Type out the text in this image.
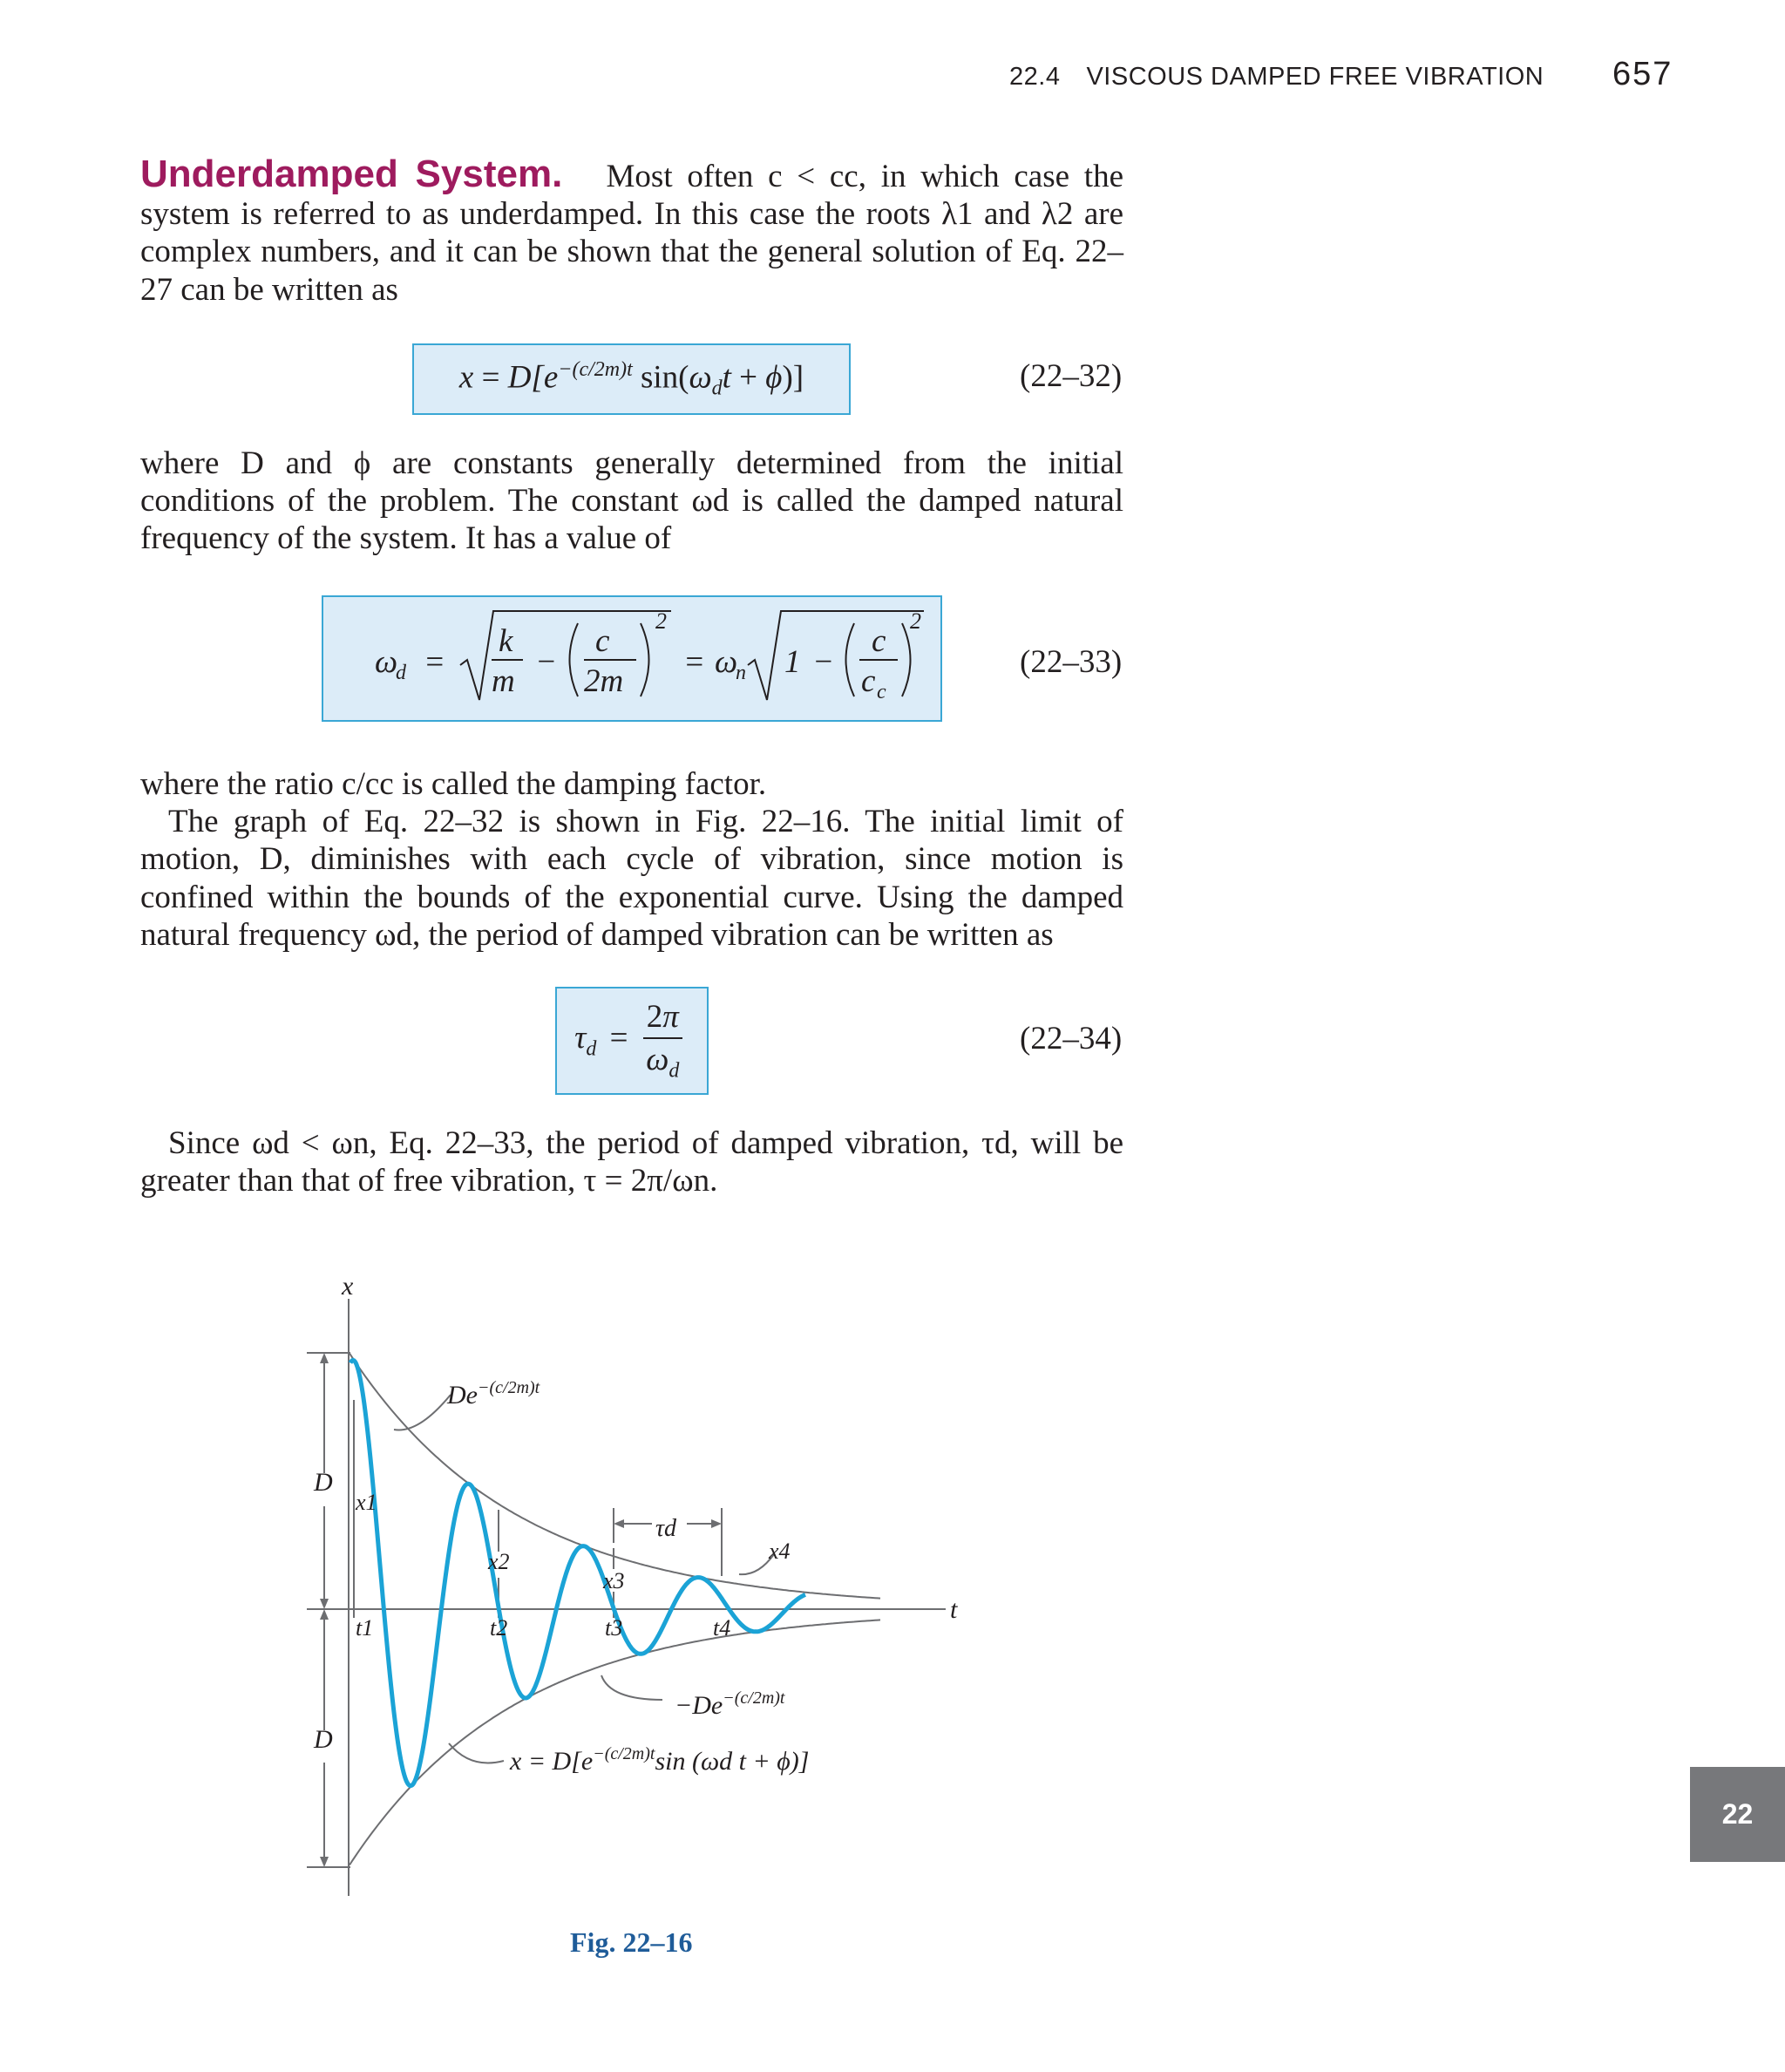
22.4 VISCOUS DAMPED FREE VIBRATION 657

Underdamped System. Most often c < cc, in which case the system is referred to as underdamped. In this case the roots λ1 and λ2 are complex numbers, and it can be shown that the general solution of Eq. 22–27 can be written as

$x = D[e^{-(c/2m)t}$ $\sin(\omega_dt + \phi)$]	(22–32)

where D and ϕ are constants generally determined from the initial conditions of the problem. The constant ωd is called the damped natural frequency of the system. It has a value of

ω
d =
k
m
−
c
2m
2
= ω
n 1 −
c
c c
2
(22–33)

where the ratio c/cc is called the damping factor.

The graph of Eq. 22–32 is shown in Fig. 22–16. The initial limit of motion, D, diminishes with each cycle of vibration, since motion is confined within the bounds of the exponential curve. Using the damped natural frequency ωd, the period of damped vibration can be written as

$\tau_d = \frac{2\pi}{\omega_d}$	(22–34)

Since ωd < ωn, Eq. 22–33, the period of damped vibration, τd, will be greater than that of free vibration, τ = 2π/ωn.

x
t
D
D
$De^{-(c/2m)t}$
$-De^{-(c/2m)t}$
$x = D[e^{-(c/2m)t}\sin$ (ωd t + ϕ)]
τd
x1
x2
x3
x4
t1	t2	t3	t4
Fig. 22–16
22
